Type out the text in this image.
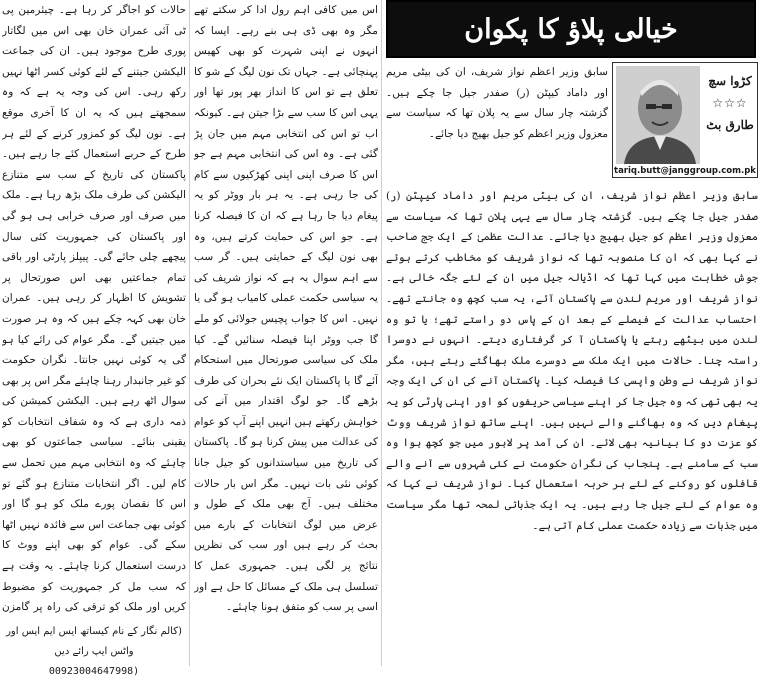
خیالی پلاؤ کا پکوان
کڑوا سچ
☆☆☆
طارق بٹ
tariq.butt@janggroup.com.pk
سابق وزیر اعظم نواز شریف، ان کی بیٹی مریم اور داماد کیپٹن (ر) صفدر جیل جا چکے ہیں۔ گزشتہ چار سال سے یہ پلان تھا کہ سیاست سے معزول وزیر اعظم کو جیل بھیج دیا جائے۔
سابق وزیر اعظم نواز شریف، ان کی بیٹی مریم اور داماد کیپٹن (ر) صفدر جیل جا چکے ہیں۔ گزشتہ چار سال سے یہی پلان تھا کہ سیاست سے معزول وزیر اعظم کو جیل بھیج دیا جائے۔ عدالت عظمیٰ کے ایک جج صاحب نے کہا بھی کہ ان کا منصوبہ تھا کہ نواز شریف کو مخاطب کرتے ہوئے جوش خطابت میں کہا تھا کہ اڈیالہ جیل میں ان کے لئے جگہ خالی ہے۔ نواز شریف اور مریم لندن سے پاکستان آئے، یہ سب کچھ وہ جانتے تھے۔ احتساب عدالت کے فیصلے کے بعد ان کے پاس دو راستے تھے؛ یا تو وہ لندن میں بیٹھے رہتے یا پاکستان آ کر گرفتاری دیتے۔ انہوں نے دوسرا راستہ چنا۔ حالات میں ایک ملک سے دوسرے ملک بھاگتے رہتے ہیں، مگر نواز شریف نے وطن واپسی کا فیصلہ کیا۔ پاکستان آنے کی ان کی ایک وجہ یہ بھی تھی کہ وہ جیل جا کر اپنے سیاسی حریفوں کو اور اپنی پارٹی کو یہ پیغام دیں کہ وہ بھاگنے والے نہیں ہیں۔ اپنے ساتھ نواز شریف ووٹ کو عزت دو کا بیانیہ بھی لائے۔ ان کی آمد پر لاہور میں جو کچھ ہوا وہ سب کے سامنے ہے۔ پنجاب کی نگران حکومت نے کئی شہروں سے آنے والے قافلوں کو روکنے کے لئے ہر حربہ استعمال کیا۔ نواز شریف نے کہا کہ وہ عوام کے لئے جیل جا رہے ہیں۔ یہ ایک جذباتی لمحہ تھا مگر سیاست میں جذبات سے زیادہ حکمت عملی کام آتی ہے۔
اس میں کافی اہم رول ادا کر سکتے تھے مگر وہ بھی ڈی ہی بنے رہے۔ ایسا کہ انہوں نے اپنی شہرت کو بھی کھیس پہنچائی ہے۔ جہاں تک نون لیگ کے شو کا تعلق ہے تو اس کا انداز بھر پور تھا اور یہی اس کا سب سے بڑا جیتن ہے۔ کیونکہ اب تو اس کی انتخابی مہم میں جان پڑ گئی ہے۔ وہ اس کی انتخابی مہم ہے جو اس کا صرف اپنی اپنی کھڑکیوں سے کام کی جا رہی ہے۔ یہ ہر بار ووٹر کو یہ پیغام دیا جا رہا ہے کہ ان کا فیصلہ کرنا ہے۔ جو اس کی حمایت کرتے ہیں، وہ بھی نون لیگ کے حمایتی ہیں۔ گر سب سے اہم سوال یہ ہے کہ نواز شریف کی یہ سیاسی حکمت عملی کامیاب ہو گی یا نہیں۔ اس کا جواب پچیس جولائی کو ملے گا جب ووٹر اپنا فیصلہ سنائیں گے۔ کیا ملک کی سیاسی صورتحال میں استحکام آئے گا یا پاکستان ایک نئے بحران کی طرف بڑھے گا۔ جو لوگ اقتدار میں آنے کی خواہش رکھتے ہیں انہیں اپنے آپ کو عوام کی عدالت میں پیش کرنا ہو گا۔ پاکستان کی تاریخ میں سیاستدانوں کو جیل جانا کوئی نئی بات نہیں۔ مگر اس بار حالات مختلف ہیں۔ آج بھی ملک کے طول و عرض میں لوگ انتخابات کے بارے میں بحث کر رہے ہیں اور سب کی نظریں نتائج پر لگی ہیں۔ جمہوری عمل کا تسلسل ہی ملک کے مسائل کا حل ہے اور اسی پر سب کو متفق ہونا چاہئے۔
حالات کو اجاگر کر رہا ہے۔ چیئرمین پی ٹی آئی عمران خان بھی اس میں لگاتار پوری طرح موجود ہیں۔ ان کی جماعت الیکشن جیتنے کے لئے کوئی کسر اٹھا نہیں رکھ رہی۔ اس کی وجہ یہ ہے کہ وہ سمجھتے ہیں کہ یہ ان کا آخری موقع ہے۔ نون لیگ کو کمزور کرنے کے لئے ہر طرح کے حربے استعمال کئے جا رہے ہیں۔ پاکستان کی تاریخ کے سب سے متنازع الیکشن کی طرف ملک بڑھ رہا ہے۔ ملک میں صرف اور صرف خرابی ہی ہو گی اور پاکستان کی جمہوریت کئی سال پیچھے چلی جائے گی۔ پیپلز پارٹی اور باقی تمام جماعتیں بھی اس صورتحال پر تشویش کا اظہار کر رہی ہیں۔ عمران خان بھی کہہ چکے ہیں کہ وہ ہر صورت میں جیتیں گے۔ مگر عوام کی رائے کیا ہو گی یہ کوئی نہیں جانتا۔ نگران حکومت کو غیر جانبدار رہنا چاہئے مگر اس پر بھی سوال اٹھ رہے ہیں۔ الیکشن کمیشن کی ذمہ داری ہے کہ وہ شفاف انتخابات کو یقینی بنائے۔ سیاسی جماعتوں کو بھی چاہئے کہ وہ انتخابی مہم میں تحمل سے کام لیں۔ اگر انتخابات متنازع ہو گئے تو اس کا نقصان پورے ملک کو ہو گا اور کوئی بھی جماعت اس سے فائدہ نہیں اٹھا سکے گی۔ عوام کو بھی اپنے ووٹ کا درست استعمال کرنا چاہئے۔ یہ وقت ہے کہ سب مل کر جمہوریت کو مضبوط کریں اور ملک کو ترقی کی راہ پر گامزن
(کالم نگار کے نام کیساتھ ایس ایم ایس اور واٹس ایپ رائے دیں
00923004647998)
